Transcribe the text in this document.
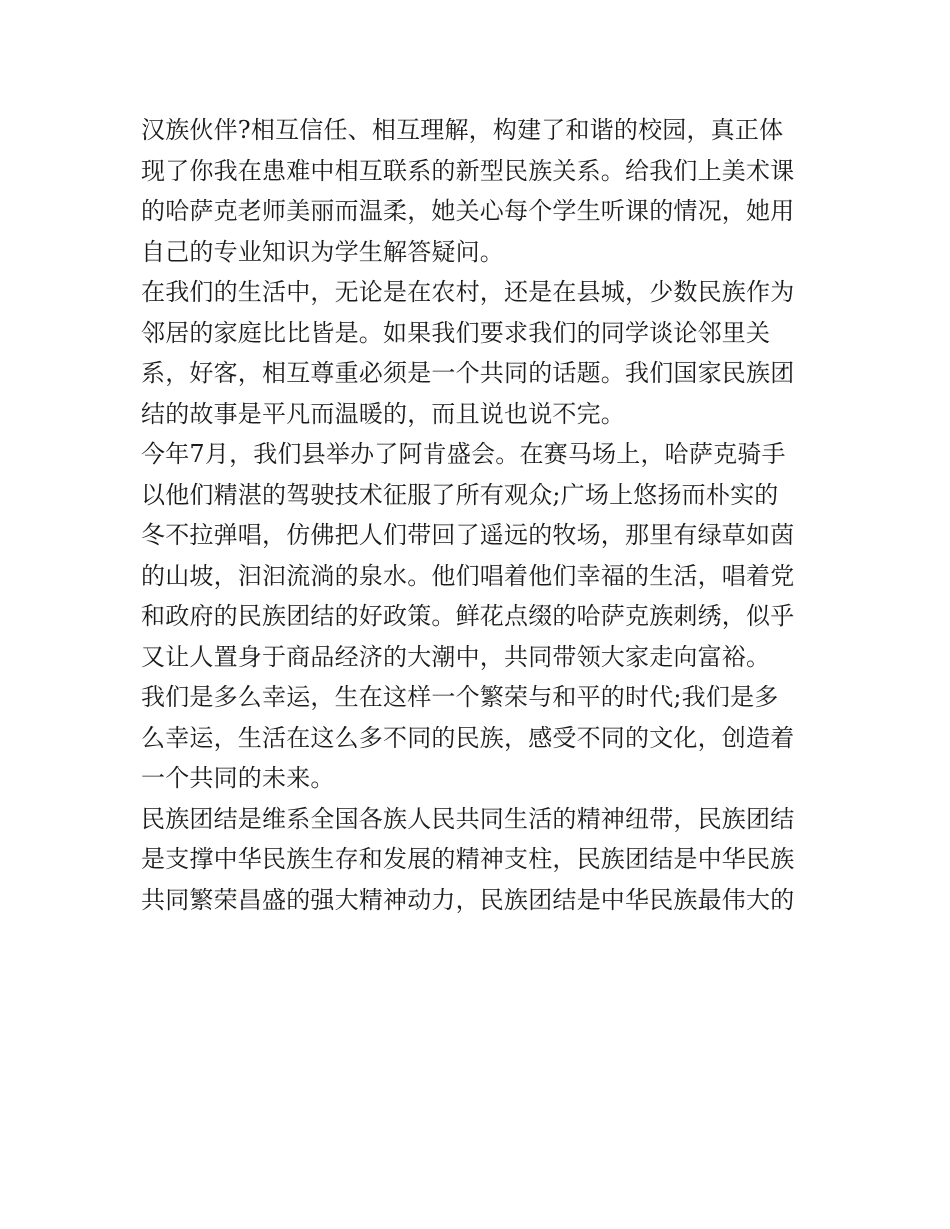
汉族伙伴?相互信任、相互理解，构建了和谐的校园，真正体
现了你我在患难中相互联系的新型民族关系。给我们上美术课
的哈萨克老师美丽而温柔，她关心每个学生听课的情况，她用
自己的专业知识为学生解答疑问。
在我们的生活中，无论是在农村，还是在县城，少数民族作为
邻居的家庭比比皆是。如果我们要求我们的同学谈论邻里关
系，好客，相互尊重必须是一个共同的话题。我们国家民族团
结的故事是平凡而温暖的，而且说也说不完。
今年7月，我们县举办了阿肯盛会。在赛马场上，哈萨克骑手
以他们精湛的驾驶技术征服了所有观众;广场上悠扬而朴实的
冬不拉弹唱，仿佛把人们带回了遥远的牧场，那里有绿草如茵
的山坡，汩汩流淌的泉水。他们唱着他们幸福的生活，唱着党
和政府的民族团结的好政策。鲜花点缀的哈萨克族刺绣，似乎
又让人置身于商品经济的大潮中，共同带领大家走向富裕。
我们是多么幸运，生在这样一个繁荣与和平的时代;我们是多
么幸运，生活在这么多不同的民族，感受不同的文化，创造着
一个共同的未来。
民族团结是维系全国各族人民共同生活的精神纽带，民族团结
是支撑中华民族生存和发展的精神支柱，民族团结是中华民族
共同繁荣昌盛的强大精神动力，民族团结是中华民族最伟大的
